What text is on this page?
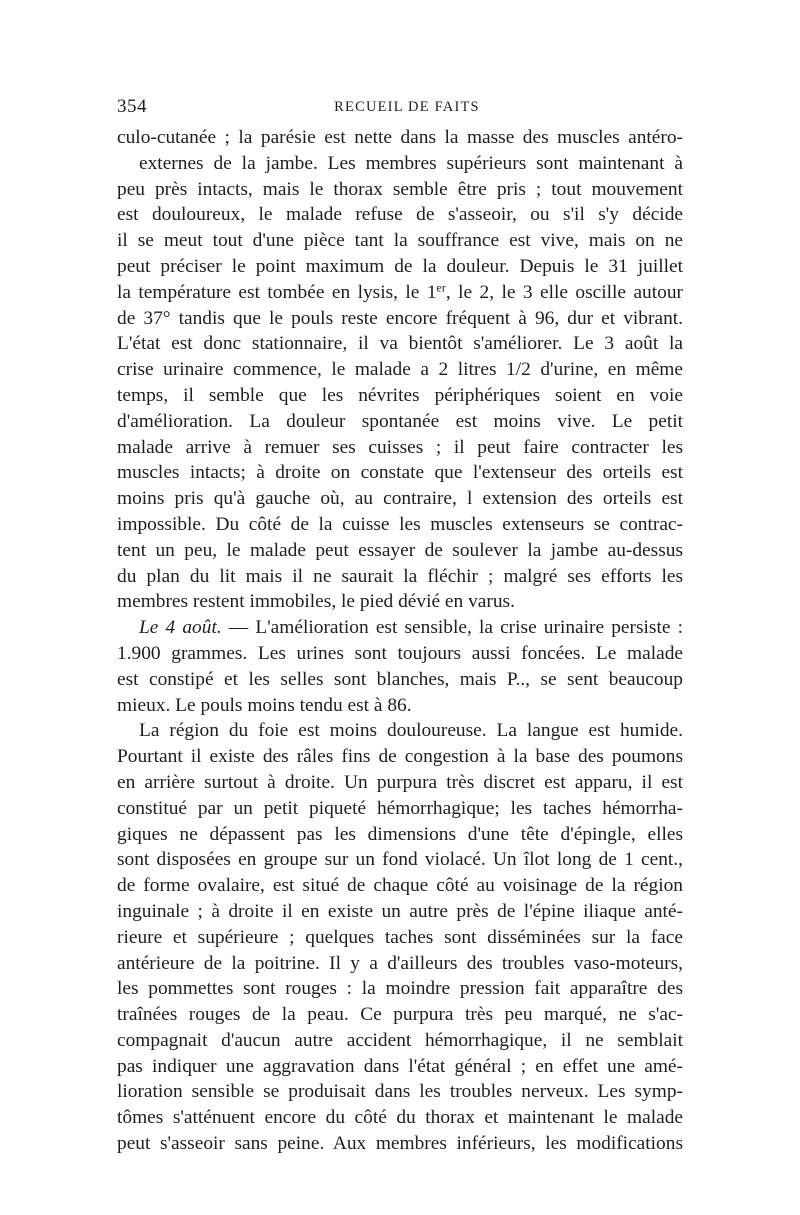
354	RECUEIL DE FAITS
culo-cutanée ; la parésie est nette dans la masse des muscles antéro-
externes de la jambe. Les membres supérieurs sont maintenant à
peu près intacts, mais le thorax semble être pris ; tout mouvement
est douloureux, le malade refuse de s'asseoir, ou s'il s'y décide
il se meut tout d'une pièce tant la souffrance est vive, mais on ne
peut préciser le point maximum de la douleur. Depuis le 31 juillet
la température est tombée en lysis, le 1er, le 2, le 3 elle oscille autour
de 37° tandis que le pouls reste encore fréquent à 96, dur et vibrant.
L'état est donc stationnaire, il va bientôt s'améliorer. Le 3 août la
crise urinaire commence, le malade a 2 litres 1/2 d'urine, en même
temps, il semble que les névrites périphériques soient en voie
d'amélioration. La douleur spontanée est moins vive. Le petit
malade arrive à remuer ses cuisses ; il peut faire contracter les
muscles intacts; à droite on constate que l'extenseur des orteils est
moins pris qu'à gauche où, au contraire, l extension des orteils est
impossible. Du côté de la cuisse les muscles extenseurs se contrac-
tent un peu, le malade peut essayer de soulever la jambe au-dessus
du plan du lit mais il ne saurait la fléchir ; malgré ses efforts les
membres restent immobiles, le pied dévié en varus.
Le 4 août. — L'amélioration est sensible, la crise urinaire persiste :
1.900 grammes. Les urines sont toujours aussi foncées. Le malade
est constipé et les selles sont blanches, mais P.., se sent beaucoup
mieux. Le pouls moins tendu est à 86.
La région du foie est moins douloureuse. La langue est humide.
Pourtant il existe des râles fins de congestion à la base des poumons
en arrière surtout à droite. Un purpura très discret est apparu, il est
constitué par un petit piqueté hémorrhagique; les taches hémorrha-
giques ne dépassent pas les dimensions d'une tête d'épingle, elles
sont disposées en groupe sur un fond violacé. Un îlot long de 1 cent.,
de forme ovalaire, est situé de chaque côté au voisinage de la région
inguinale ; à droite il en existe un autre près de l'épine iliaque anté-
rieure et supérieure ; quelques taches sont disséminées sur la face
antérieure de la poitrine. Il y a d'ailleurs des troubles vaso-moteurs,
les pommettes sont rouges : la moindre pression fait apparaître des
traînées rouges de la peau. Ce purpura très peu marqué, ne s'ac-
compagnait d'aucun autre accident hémorrhagique, il ne semblait
pas indiquer une aggravation dans l'état général ; en effet une amé-
lioration sensible se produisait dans les troubles nerveux. Les symp-
tômes s'atténuent encore du côté du thorax et maintenant le malade
peut s'asseoir sans peine. Aux membres inférieurs, les modifications
